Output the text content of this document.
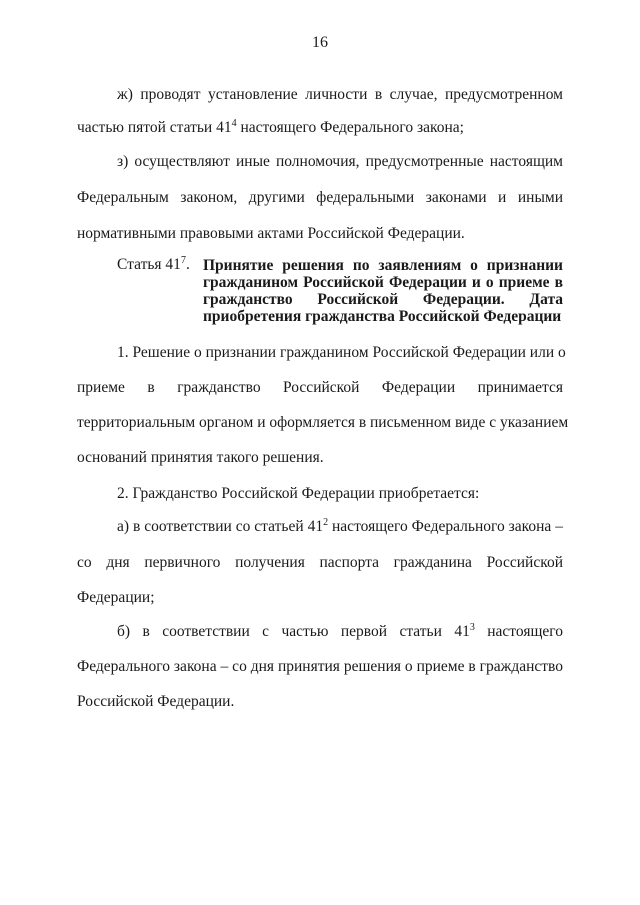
16
ж) проводят установление личности в случае, предусмотренном
частью пятой статьи $41^4$ настоящего Федерального закона;
з) осуществляют иные полномочия, предусмотренные настоящим
Федеральным законом, другими федеральными законами и иными
нормативными правовыми актами Российской Федерации.
Статья $41^7$. Принятие решения по заявлениям о признании
гражданином Российской Федерации и о приеме в
гражданство Российской Федерации. Дата
приобретения гражданства Российской Федерации
1. Решение о признании гражданином Российской Федерации или о
приеме в гражданство Российской Федерации принимается
территориальным органом и оформляется в письменном виде с указанием
оснований принятия такого решения.
2. Гражданство Российской Федерации приобретается:
а) в соответствии со статьей $41^2$ настоящего Федерального закона –
со дня первичного получения паспорта гражданина Российской
Федерации;
б) в соответствии с частью первой статьи $41^3$ настоящего
Федерального закона – со дня принятия решения о приеме в гражданство
Российской Федерации.
